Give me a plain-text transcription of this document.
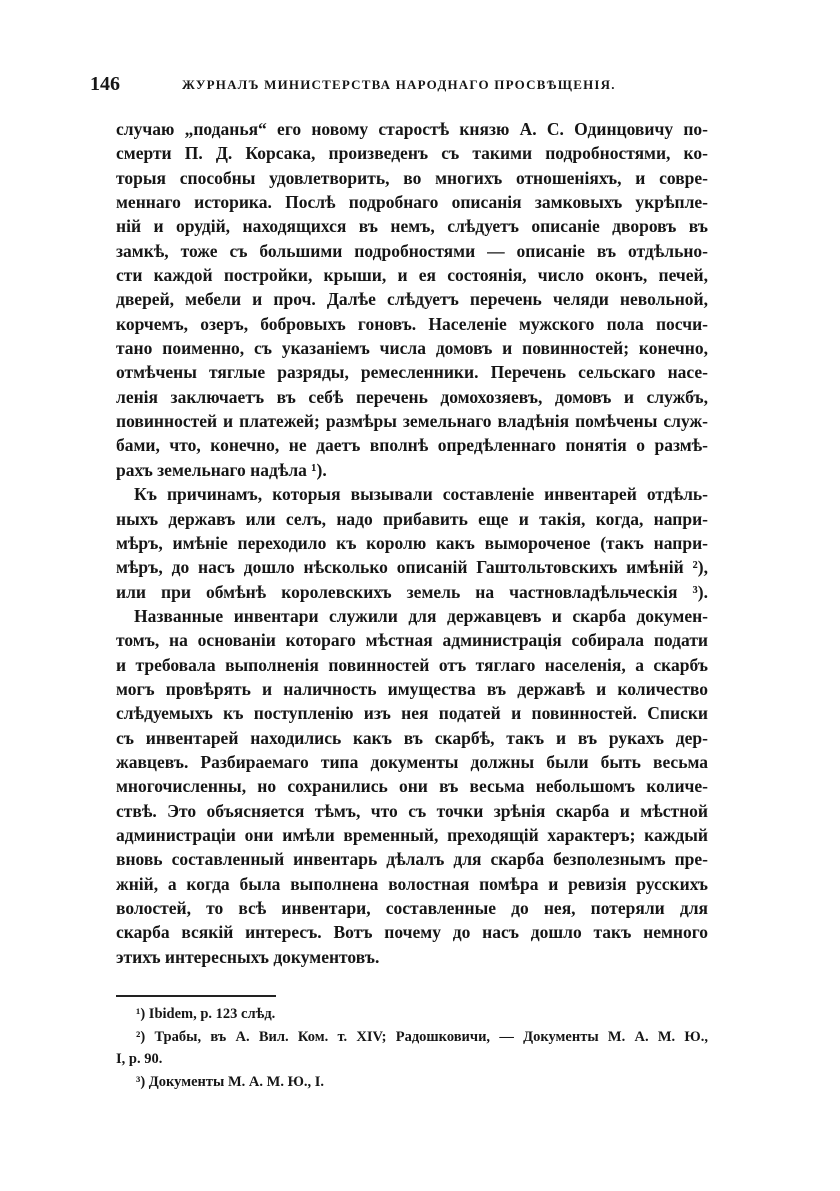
146	ЖУРНАЛЪ МИНИСТЕРСТВА НАРОДНАГО ПРОСВѢЩЕНІЯ.
случаю „поданья“ его новому старостѣ князю А. С. Одинцовичу по-
смерти П. Д. Корсака, произведенъ съ такими подробностями, ко-
торыя способны удовлетворить, во многихъ отношеніяхъ, и совре-
меннаго историка. Послѣ подробнаго описанія замковыхъ укрѣпле-
ній и орудій, находящихся въ немъ, слѣдуетъ описаніе дворовъ въ
замкѣ, тоже съ большими подробностями — описаніе въ отдѣльно-
сти каждой постройки, крыши, и ея состоянія, число оконъ, печей,
дверей, мебели и проч. Далѣе слѣдуетъ перечень челяди невольной,
корчемъ, озеръ, бобровыхъ гоновъ. Населеніе мужского пола посчи-
тано поименно, съ указаніемъ числа домовъ и повинностей; конечно,
отмѣчены тяглые разряды, ремесленники. Перечень сельскаго насе-
ленія заключаетъ въ себѣ перечень домохозяевъ, домовъ и службъ,
повинностей и платежей; размѣры земельнаго владѣнія помѣчены служ-
бами, что, конечно, не даетъ вполнѣ опредѣленнаго понятія о размѣ-
рахъ земельнаго надѣла ¹).
Къ причинамъ, которыя вызывали составленіе инвентарей отдѣль-
ныхъ державъ или селъ, надо прибавить еще и такія, когда, напри-
мѣръ, имѣніе переходило къ королю какъ вымороченое (такъ напри-
мѣръ, до насъ дошло нѣсколько описаній Гаштольтовскихъ имѣній ²),
или при обмѣнѣ королевскихъ земель на частновладѣльческія ³).
Названные инвентари служили для державцевъ и скарба докумен-
томъ, на основаніи котораго мѣстная администрація собирала подати
и требовала выполненія повинностей отъ тяглаго населенія, а скарбъ
могъ провѣрять и наличность имущества въ державѣ и количество
слѣдуемыхъ къ поступленію изъ нея податей и повинностей. Списки
съ инвентарей находились какъ въ скарбѣ, такъ и въ рукахъ дер-
жавцевъ. Разбираемаго типа документы должны были быть весьма
многочисленны, но сохранились они въ весьма небольшомъ количе-
ствѣ. Это объясняется тѣмъ, что съ точки зрѣнія скарба и мѣстной
администраціи они имѣли временный, преходящій характеръ; каждый
вновь составленный инвентарь дѣлалъ для скарба безполезнымъ пре-
жній, а когда была выполнена волостная помѣра и ревизія русскихъ
волостей, то всѣ инвентари, составленные до нея, потеряли для
скарба всякій интересъ. Вотъ почему до насъ дошло такъ немного
этихъ интересныхъ документовъ.
¹) Ibidem, p. 123 слѣд.
²) Трабы, въ А. Вил. Ком. т. XIV; Радошковичи, — Документы М. А. М. Ю.,
I, p. 90.
³) Документы М. А. М. Ю., I.
